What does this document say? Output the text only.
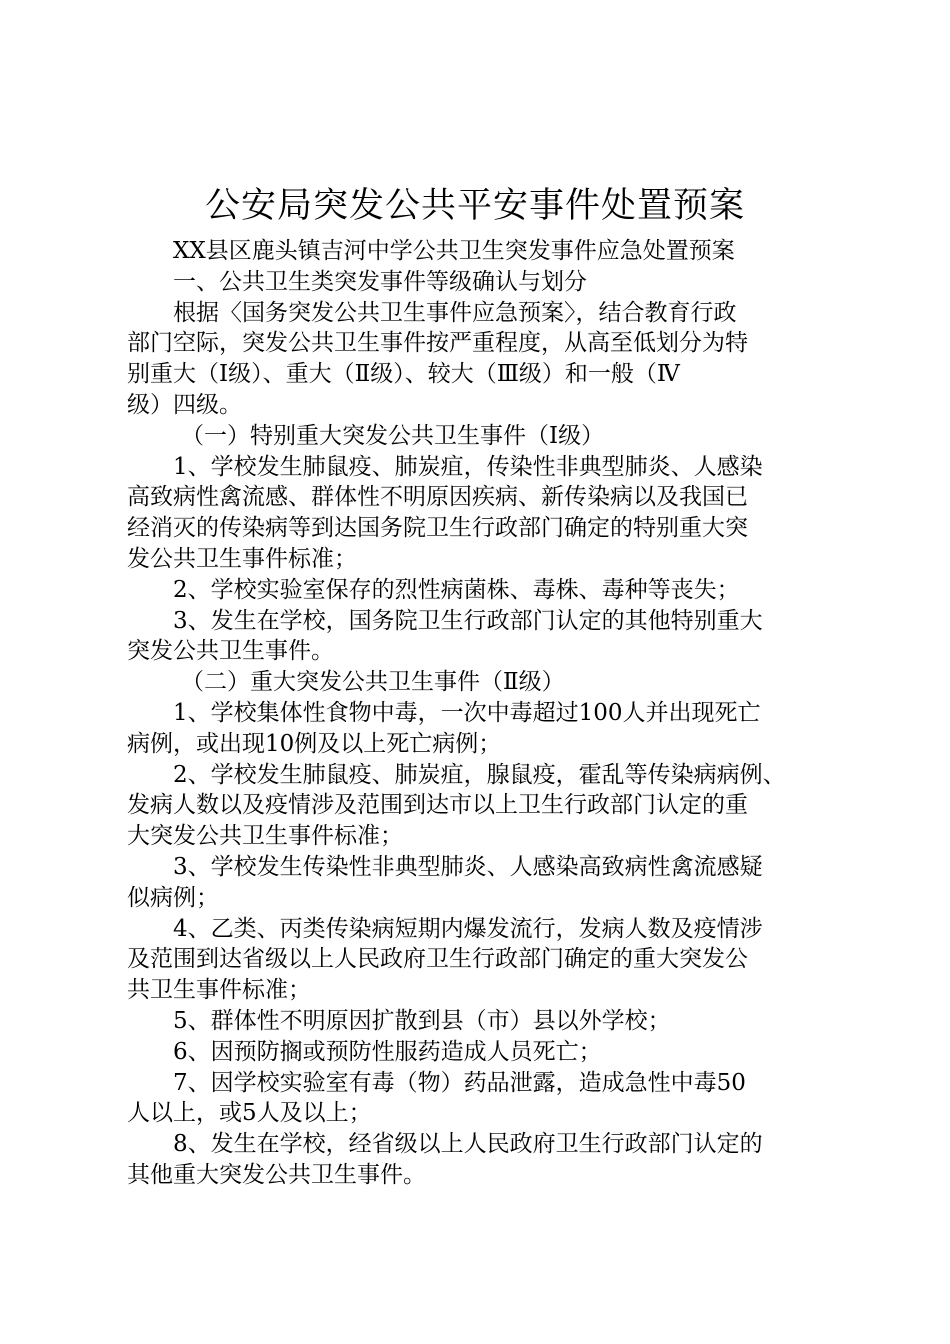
公安局突发公共平安事件处置预案
XX县区鹿头镇吉河中学公共卫生突发事件应急处置预案
一、公共卫生类突发事件等级确认与划分
根据〈国务突发公共卫生事件应急预案〉，结合教育行政
部门空际，突发公共卫生事件按严重程度，从高至低划分为特
别重大（Ⅰ级）、重大（Ⅱ级）、较大（Ⅲ级）和一般（Ⅳ
级）四级。
（一）特别重大突发公共卫生事件（Ⅰ级）
1、学校发生肺鼠疫、肺炭疽，传染性非典型肺炎、人感染
高致病性禽流感、群体性不明原因疾病、新传染病以及我国已
经消灭的传染病等到达国务院卫生行政部门确定的特别重大突
发公共卫生事件标准；
2、学校实验室保存的烈性病菌株、毒株、毒种等丧失；
3、发生在学校，国务院卫生行政部门认定的其他特别重大
突发公共卫生事件。
（二）重大突发公共卫生事件（Ⅱ级）
1、学校集体性食物中毒，一次中毒超过100人并出现死亡
病例，或出现10例及以上死亡病例；
2、学校发生肺鼠疫、肺炭疽，腺鼠疫，霍乱等传染病病例、
发病人数以及疫情涉及范围到达市以上卫生行政部门认定的重
大突发公共卫生事件标准；
3、学校发生传染性非典型肺炎、人感染高致病性禽流感疑
似病例；
4、乙类、丙类传染病短期内爆发流行，发病人数及疫情涉
及范围到达省级以上人民政府卫生行政部门确定的重大突发公
共卫生事件标准；
5、群体性不明原因扩散到县（市）县以外学校；
6、因预防搁或预防性服药造成人员死亡；
7、因学校实验室有毒（物）药品泄露，造成急性中毒50
人以上，或5人及以上；
8、发生在学校，经省级以上人民政府卫生行政部门认定的
其他重大突发公共卫生事件。
